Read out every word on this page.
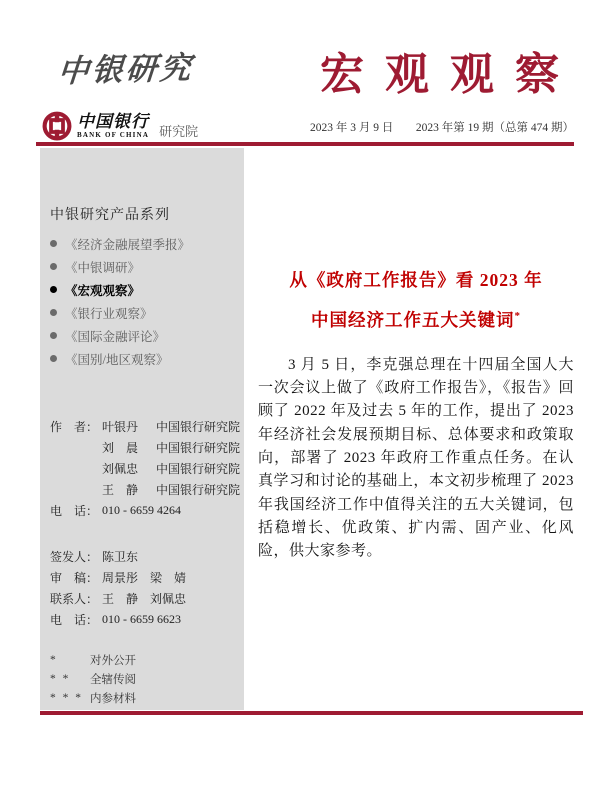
中银研究	宏观观察
中国银行
BANK OF CHINA 研究院	2023 年 3 月 9 日 2023 年第 19 期（总第 474 期）
中银研究产品系列
《经济金融展望季报》
《中银调研》
《宏观观察》
《银行业观察》
《国际金融评论》
《国别/地区观察》
作　者： 叶银丹	中国银行研究院
刘　晨	中国银行研究院
刘佩忠	中国银行研究院
王　静	中国银行研究院
电　话： 010 - 6659 4264
签发人： 陈卫东
审　稿： 周景彤　梁　婧
联系人： 王　静　刘佩忠
电　话： 010 - 6659 6623
*	对外公开
* *	全辖传阅
* * * 内参材料
从《政府工作报告》看 2023 年
中国经济工作五大关键词*

3 月 5 日，李克强总理在十四届全国人大一次会议上做了《政府工作报告》，《报告》回顾了 2022 年及过去 5 年的工作，提出了 2023 年经济社会发展预期目标、总体要求和政策取向，部署了 2023 年政府工作重点任务。在认真学习和讨论的基础上，本文初步梳理了 2023 年我国经济工作中值得关注的五大关键词，包括稳增长、优政策、扩内需、固产业、化风险，供大家参考。
